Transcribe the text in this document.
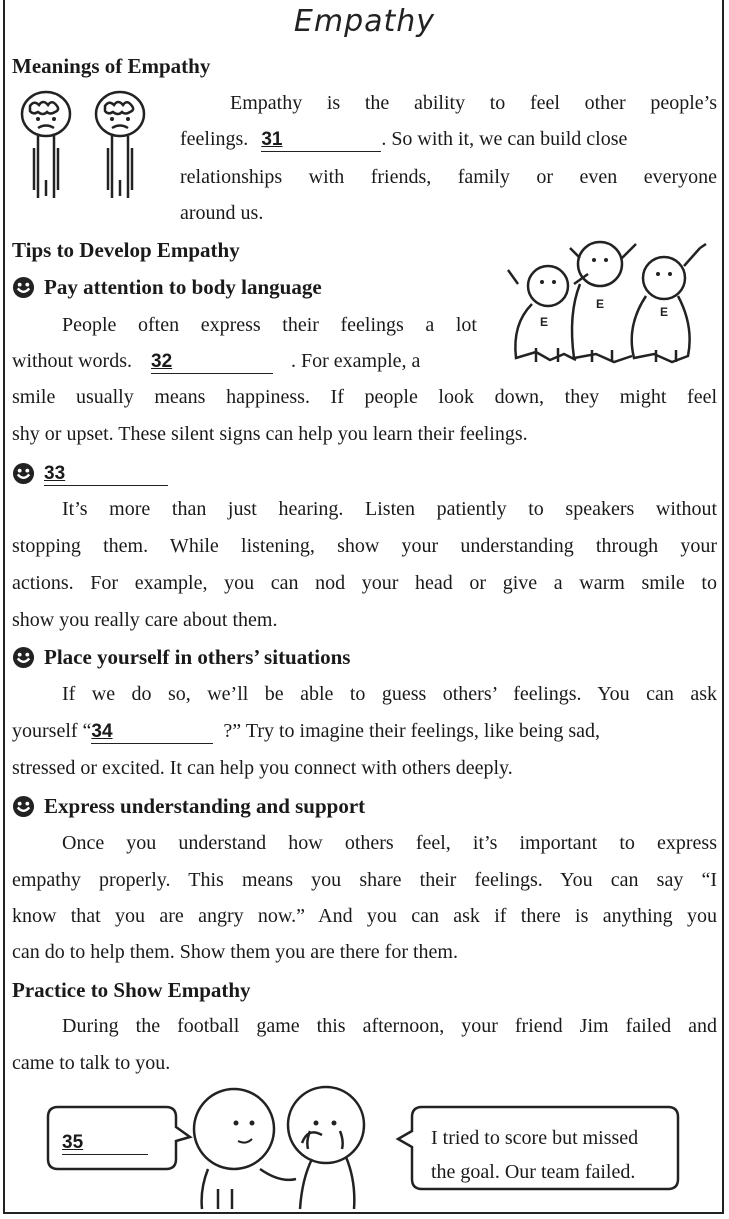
Empathy
Meanings of Empathy
Empathy is the ability to feel other people’s
feelings. 31	. So with it, we can build close
relationships with friends, family or even everyone
around us.
Tips to Develop Empathy
Pay attention to body language
E
E
E
People often express their feelings a lot
without words. 32	. For example, a
smile usually means happiness. If people look down, they might feel
shy or upset. These silent signs can help you learn their feelings.
33
It’s more than just hearing. Listen patiently to speakers without
stopping them. While listening, show your understanding through your
actions. For example, you can nod your head or give a warm smile to
show you really care about them.
Place yourself in others’ situations
If we do so, we’ll be able to guess others’ feelings. You can ask
yourself “34	?” Try to imagine their feelings, like being sad,
stressed or excited. It can help you connect with others deeply.
Express understanding and support
Once you understand how others feel, it’s important to express
empathy properly. This means you share their feelings. You can say “I
know that you are angry now.” And you can ask if there is anything you
can do to help them. Show them you are there for them.
Practice to Show Empathy
During the football game this afternoon, your friend Jim failed and
came to talk to you.
35	I tried to score but missed
the goal. Our team failed.
